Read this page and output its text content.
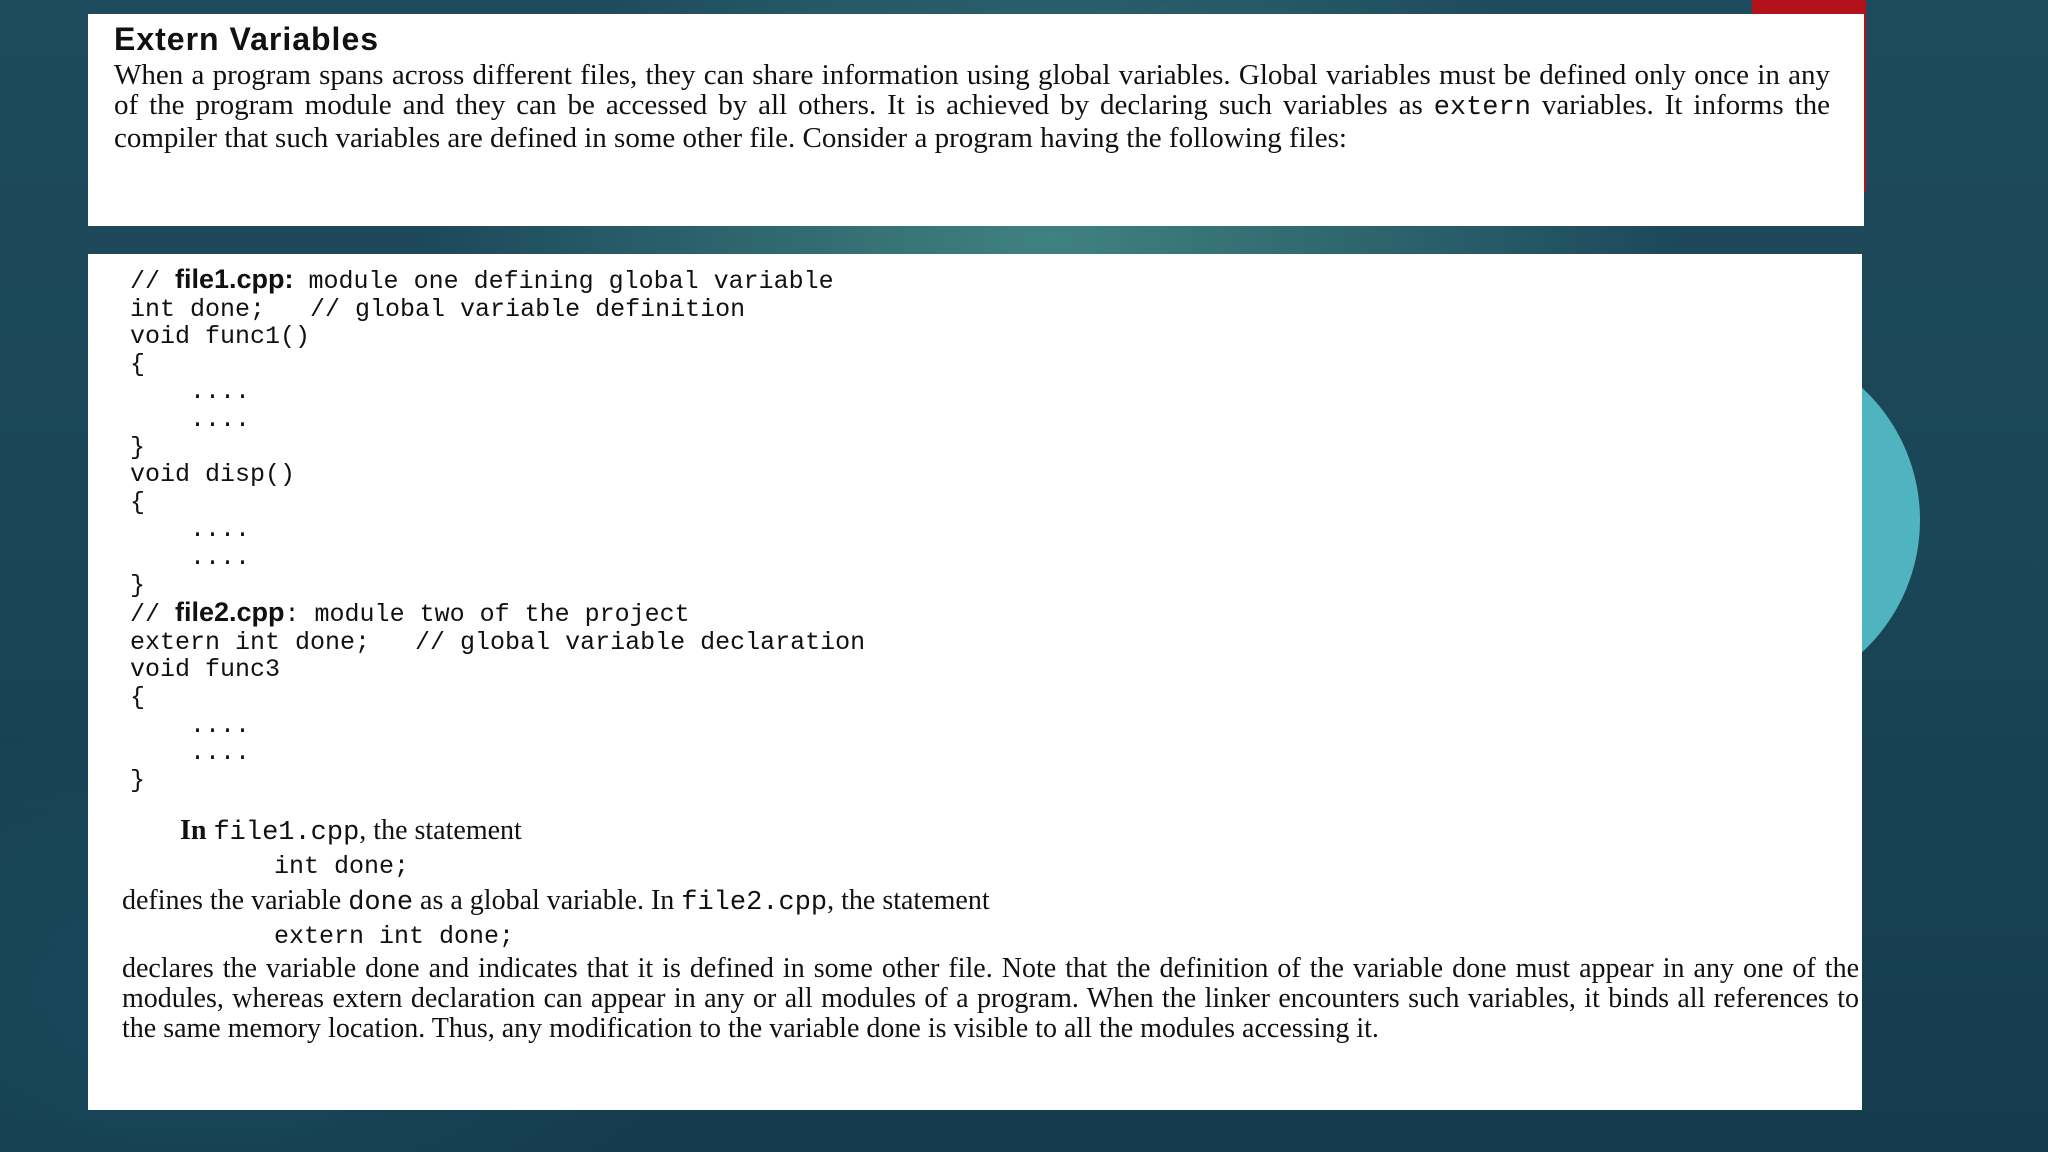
Extern Variables

When a program spans across different files, they can share information using global variables. Global variables must be defined only once in any of the program module and they can be accessed by all others. It is achieved by declaring such variables as extern variables. It informs the compiler that such variables are defined in some other file. Consider a program having the following files:

// file1.cpp: module one defining global variable
int done;   // global variable definition
void func1()
{
....
....
}
void disp()
{
....
....
}
// file2.cpp: module two of the project
extern int done;   // global variable declaration
void func3
{
....
....
}
In file1.cpp, the statement
int done;
defines the variable done as a global variable. In file2.cpp, the statement
extern int done;

declares the variable done and indicates that it is defined in some other file. Note that the definition of the variable done must appear in any one of the modules, whereas extern declaration can appear in any or all modules of a program. When the linker encounters such variables, it binds all references to the same memory location. Thus, any modification to the variable done is visible to all the modules accessing it.
